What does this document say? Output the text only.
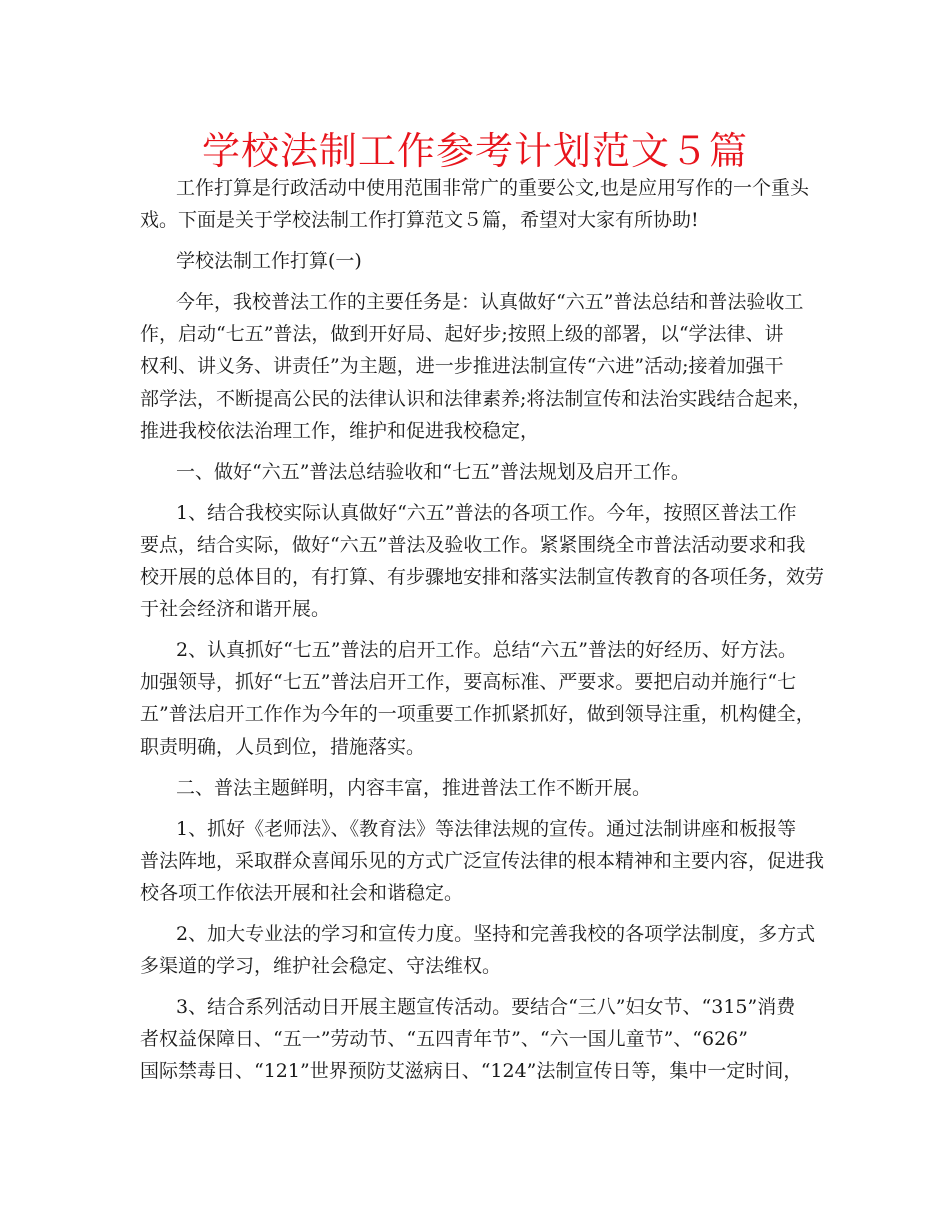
学校法制工作参考计划范文５篇
工作打算是行政活动中使用范围非常广的重要公文,也是应用写作的一个重头
戏。下面是关于学校法制工作打算范文５篇，希望对大家有所协助!
学校法制工作打算(一)
今年，我校普法工作的主要任务是：认真做好“六五”普法总结和普法验收工
作，启动“七五”普法，做到开好局、起好步;按照上级的部署，以“学法律、讲
权利、讲义务、讲责任”为主题，进一步推进法制宣传“六进”活动;接着加强干
部学法，不断提高公民的法律认识和法律素养;将法制宣传和法治实践结合起来，
推进我校依法治理工作，维护和促进我校稳定，
一、做好“六五”普法总结验收和“七五”普法规划及启开工作。
1、结合我校实际认真做好“六五”普法的各项工作。今年，按照区普法工作
要点，结合实际，做好“六五”普法及验收工作。紧紧围绕全市普法活动要求和我
校开展的总体目的，有打算、有步骤地安排和落实法制宣传教育的各项任务，效劳
于社会经济和谐开展。
2、认真抓好“七五”普法的启开工作。总结“六五”普法的好经历、好方法。
加强领导，抓好“七五”普法启开工作，要高标准、严要求。要把启动并施行“七
五”普法启开工作作为今年的一项重要工作抓紧抓好，做到领导注重，机构健全，
职责明确，人员到位，措施落实。
二、普法主题鲜明，内容丰富，推进普法工作不断开展。
1、抓好《老师法》、《教育法》等法律法规的宣传。通过法制讲座和板报等
普法阵地，采取群众喜闻乐见的方式广泛宣传法律的根本精神和主要内容，促进我
校各项工作依法开展和社会和谐稳定。
2、加大专业法的学习和宣传力度。坚持和完善我校的各项学法制度，多方式
多渠道的学习，维护社会稳定、守法维权。
3、结合系列活动日开展主题宣传活动。要结合“三八”妇女节、“315”消费
者权益保障日、“五一”劳动节、“五四青年节”、“六一国儿童节”、“626”
国际禁毒日、“121”世界预防艾滋病日、“124”法制宣传日等，集中一定时间，
